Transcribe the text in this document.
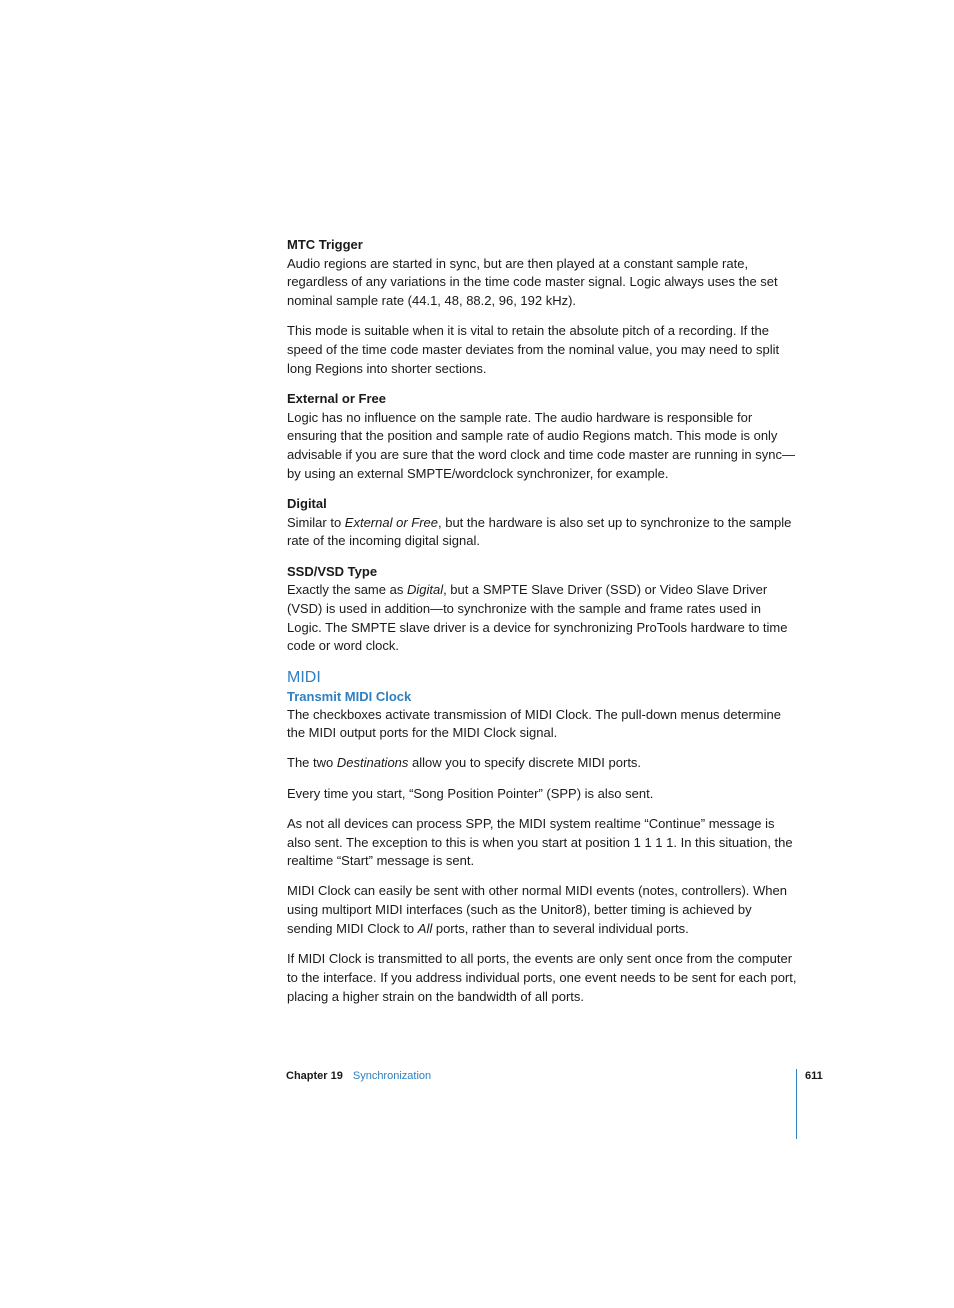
MTC Trigger

Audio regions are started in sync, but are then played at a constant sample rate, regardless of any variations in the time code master signal. Logic always uses the set nominal sample rate (44.1, 48, 88.2, 96, 192 kHz).

This mode is suitable when it is vital to retain the absolute pitch of a recording. If the speed of the time code master deviates from the nominal value, you may need to split long Regions into shorter sections.

External or Free

Logic has no influence on the sample rate. The audio hardware is responsible for ensuring that the position and sample rate of audio Regions match. This mode is only advisable if you are sure that the word clock and time code master are running in sync—by using an external SMPTE/wordclock synchronizer, for example.

Digital

Similar to External or Free, but the hardware is also set up to synchronize to the sample rate of the incoming digital signal.

SSD/VSD Type

Exactly the same as Digital, but a SMPTE Slave Driver (SSD) or Video Slave Driver (VSD) is used in addition—to synchronize with the sample and frame rates used in Logic. The SMPTE slave driver is a device for synchronizing ProTools hardware to time code or word clock.

MIDI
Transmit MIDI Clock

The checkboxes activate transmission of MIDI Clock. The pull-down menus determine the MIDI output ports for the MIDI Clock signal.

The two Destinations allow you to specify discrete MIDI ports.

Every time you start, “Song Position Pointer” (SPP) is also sent.

As not all devices can process SPP, the MIDI system realtime “Continue” message is also sent. The exception to this is when you start at position 1 1 1 1. In this situation, the realtime “Start” message is sent.

MIDI Clock can easily be sent with other normal MIDI events (notes, controllers). When using multiport MIDI interfaces (such as the Unitor8), better timing is achieved by sending MIDI Clock to All ports, rather than to several individual ports.

If MIDI Clock is transmitted to all ports, the events are only sent once from the computer to the interface. If you address individual ports, one event needs to be sent for each port, placing a higher strain on the bandwidth of all ports.

Chapter 19 Synchronization	611
